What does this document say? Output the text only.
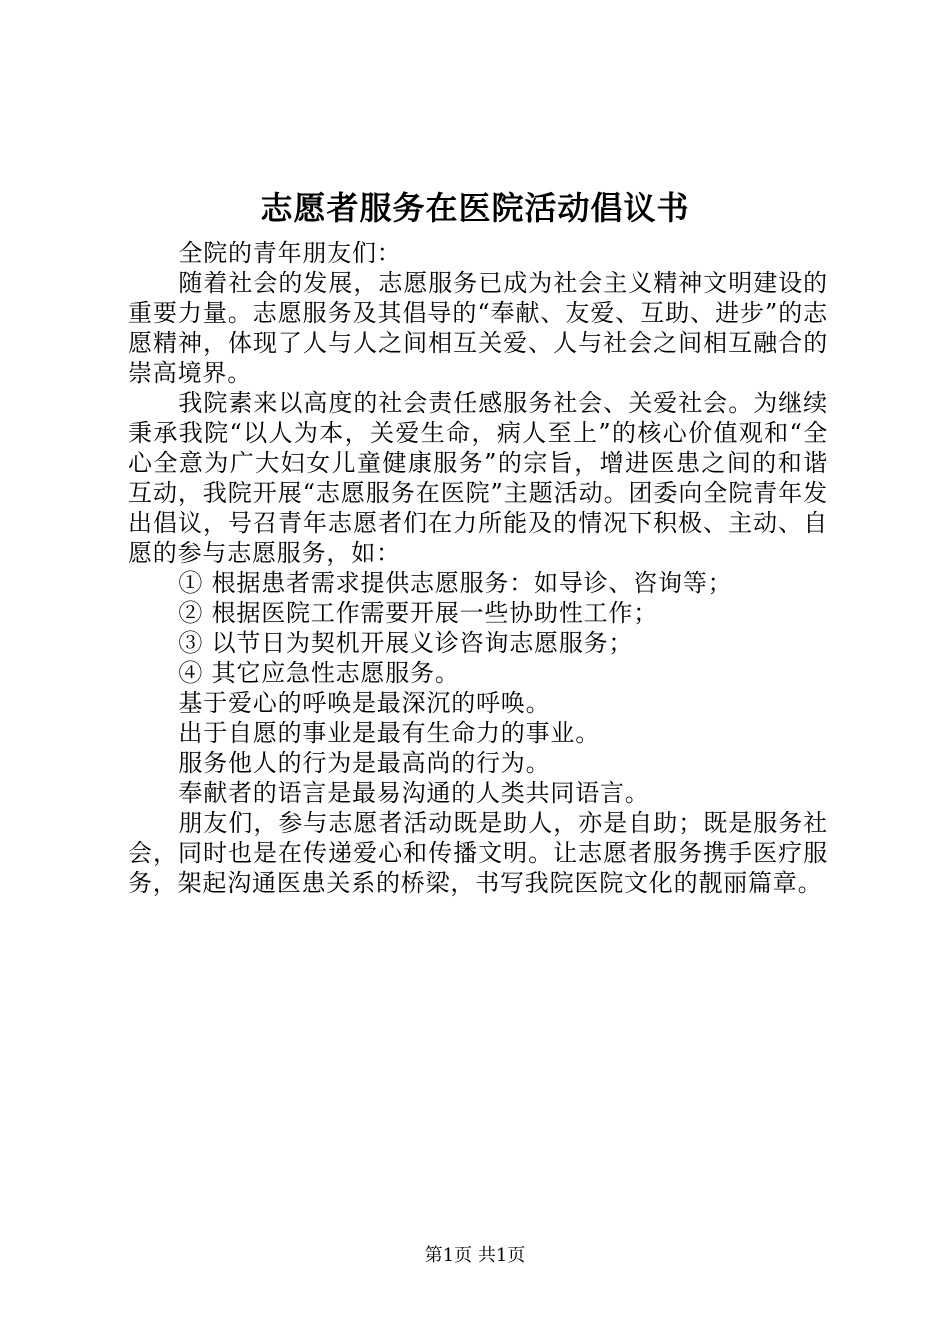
志愿者服务在医院活动倡议书

全院的青年朋友们：

随着社会的发展，志愿服务已成为社会主义精神文明建设的重要力量。志愿服务及其倡导的“奉献、友爱、互助、进步”的志愿精神，体现了人与人之间相互关爱、人与社会之间相互融合的崇高境界。

我院素来以高度的社会责任感服务社会、关爱社会。为继续秉承我院“以人为本，关爱生命，病人至上”的核心价值观和“全心全意为广大妇女儿童健康服务”的宗旨，增进医患之间的和谐互动，我院开展“志愿服务在医院”主题活动。团委向全院青年发出倡议，号召青年志愿者们在力所能及的情况下积极、主动、自愿的参与志愿服务，如：

① 根据患者需求提供志愿服务：如导诊、咨询等；

② 根据医院工作需要开展一些协助性工作；

③ 以节日为契机开展义诊咨询志愿服务；

④ 其它应急性志愿服务。

基于爱心的呼唤是最深沉的呼唤。

出于自愿的事业是最有生命力的事业。

服务他人的行为是最高尚的行为。

奉献者的语言是最易沟通的人类共同语言。

朋友们，参与志愿者活动既是助人，亦是自助；既是服务社会，同时也是在传递爱心和传播文明。让志愿者服务携手医疗服务，架起沟通医患关系的桥梁，书写我院医院文化的靓丽篇章。

第1页 共1页
